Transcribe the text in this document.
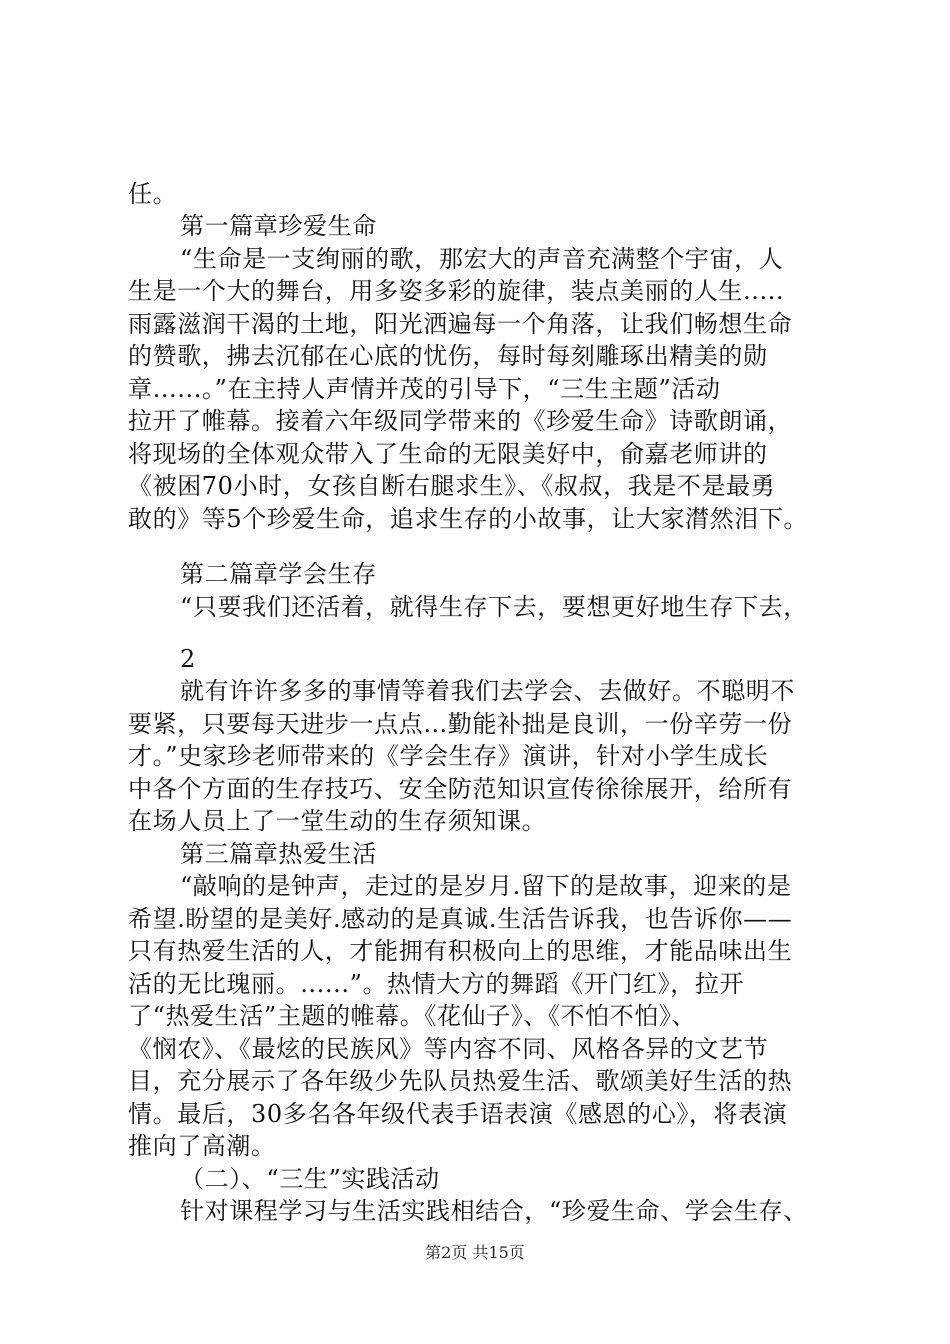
任。
第一篇章珍爱生命
“生命是一支绚丽的歌，那宏大的声音充满整个宇宙，人
生是一个大的舞台，用多姿多彩的旋律，装点美丽的人生.....
雨露滋润干渴的土地，阳光洒遍每一个角落，让我们畅想生命
的赞歌，拂去沉郁在心底的忧伤，每时每刻雕琢出精美的勋
章......。”在主持人声情并茂的引导下，“三生主题”活动
拉开了帷幕。接着六年级同学带来的《珍爱生命》诗歌朗诵，
将现场的全体观众带入了生命的无限美好中，俞嘉老师讲的
《被困70小时，女孩自断右腿求生》、《叔叔，我是不是最勇
敢的》等5个珍爱生命，追求生存的小故事，让大家潸然泪下。
第二篇章学会生存
“只要我们还活着，就得生存下去，要想更好地生存下去，
2
就有许许多多的事情等着我们去学会、去做好。不聪明不
要紧，只要每天进步一点点…勤能补拙是良训，一份辛劳一份
才。”史家珍老师带来的《学会生存》演讲，针对小学生成长
中各个方面的生存技巧、安全防范知识宣传徐徐展开，给所有
在场人员上了一堂生动的生存须知课。
第三篇章热爱生活
“敲响的是钟声，走过的是岁月.留下的是故事，迎来的是
希望.盼望的是美好.感动的是真诚.生活告诉我，也告诉你——
只有热爱生活的人，才能拥有积极向上的思维，才能品味出生
活的无比瑰丽。......”。热情大方的舞蹈《开门红》，拉开
了“热爱生活”主题的帷幕。《花仙子》、《不怕不怕》、
《悯农》、《最炫的民族风》等内容不同、风格各异的文艺节
目，充分展示了各年级少先队员热爱生活、歌颂美好生活的热
情。最后，30多名各年级代表手语表演《感恩的心》，将表演
推向了高潮。
（二）、“三生”实践活动
针对课程学习与生活实践相结合，“珍爱生命、学会生存、
第2页 共15页
